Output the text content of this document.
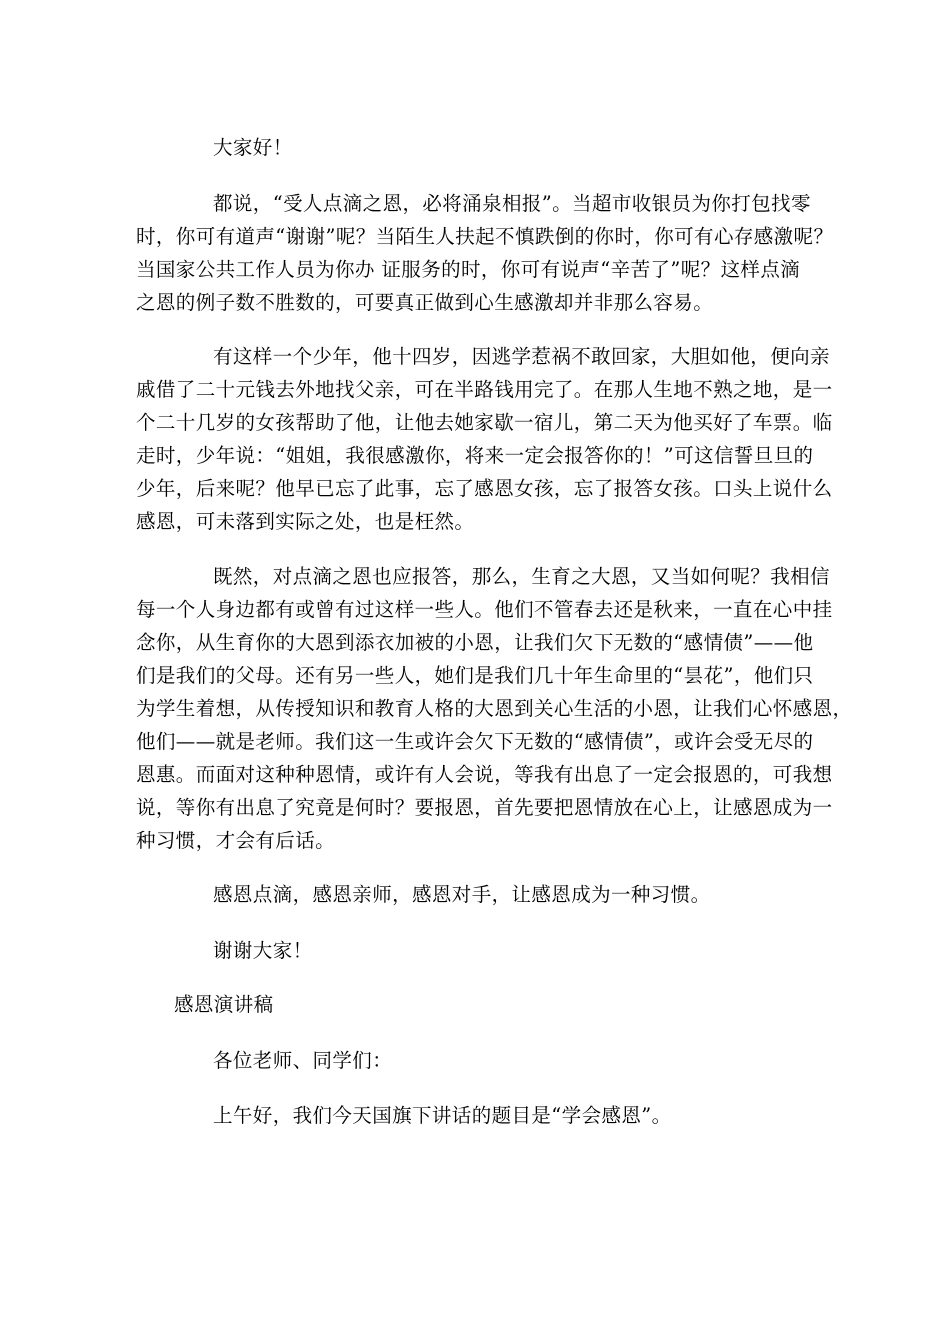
大家好！
都说，“受人点滴之恩，必将涌泉相报”。当超市收银员为你打包找零
时，你可有道声“谢谢”呢？当陌生人扶起不慎跌倒的你时，你可有心存感激呢？
当国家公共工作人员为你办 证服务的时，你可有说声“辛苦了”呢？这样点滴
之恩的例子数不胜数的，可要真正做到心生感激却并非那么容易。
有这样一个少年，他十四岁，因逃学惹祸不敢回家，大胆如他，便向亲
戚借了二十元钱去外地找父亲，可在半路钱用完了。在那人生地不熟之地，是一
个二十几岁的女孩帮助了他，让他去她家歇一宿儿，第二天为他买好了车票。临
走时，少年说：“姐姐，我很感激你，将来一定会报答你的！”可这信誓旦旦的
少年，后来呢？他早已忘了此事，忘了感恩女孩，忘了报答女孩。口头上说什么
感恩，可未落到实际之处，也是枉然。
既然，对点滴之恩也应报答，那么，生育之大恩，又当如何呢？我相信
每一个人身边都有或曾有过这样一些人。他们不管春去还是秋来，一直在心中挂
念你，从生育你的大恩到添衣加被的小恩，让我们欠下无数的“感情债”——他
们是我们的父母。还有另一些人，她们是我们几十年生命里的“昙花”，他们只
为学生着想，从传授知识和教育人格的大恩到关心生活的小恩，让我们心怀感恩，
他们——就是老师。我们这一生或许会欠下无数的“感情债”，或许会受无尽的
恩惠。而面对这种种恩情，或许有人会说，等我有出息了一定会报恩的，可我想
说，等你有出息了究竟是何时？要报恩，首先要把恩情放在心上，让感恩成为一
种习惯，才会有后话。
感恩点滴，感恩亲师，感恩对手，让感恩成为一种习惯。
谢谢大家！
感恩演讲稿
各位老师、同学们：
上午好，我们今天国旗下讲话的题目是“学会感恩”。
